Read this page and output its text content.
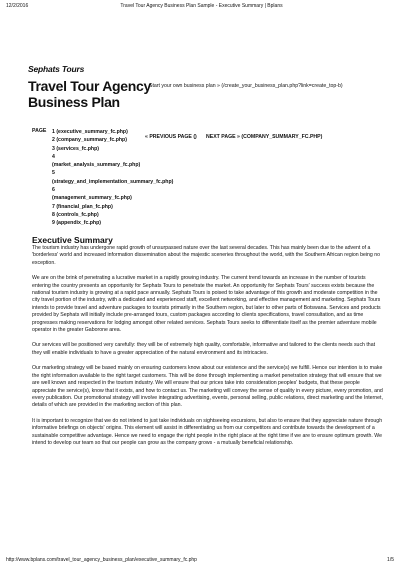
12/2/2016	Travel Tour Agency Business Plan Sample - Executive Summary | Bplans
Sephats Tours
Travel Tour Agency Business Plan
Start your own business plan » (/create_your_business_plan.php?link=create_top-b)
PAGE 1 (executive_summary_fc.php)
2 (company_summary_fc.php)
3 (services_fc.php)
4
(market_analysis_summary_fc.php)
5
(strategy_and_implementation_summary_fc.php)
6
(management_summary_fc.php)
7 (financial_plan_fc.php)
8 (controls_fc.php)
9 (appendix_fc.php)
« PREVIOUS PAGE () NEXT PAGE » (COMPANY_SUMMARY_FC.PHP)
Executive Summary

The tourism industry has undergone rapid growth of unsurpassed nature over the last several decades. This has mainly been due to the advent of a 'borderless' world and increased information dissemination about the majestic sceneries throughout the world, with the Southern African region being no exception.

We are on the brink of penetrating a lucrative market in a rapidly growing industry. The current trend towards an increase in the number of tourists entering the country presents an opportunity for Sephats Tours to penetrate the market. An opportunity for Sephats Tours' success exists because the national tourism industry is growing at a rapid pace annually. Sephats Tours is poised to take advantage of this growth and moderate competition in the city travel portion of the industry, with a dedicated and experienced staff, excellent networking, and effective management and marketing. Sephats Tours intends to provide travel and adventure packages to tourists primarily in the Southern region, but later to other parts of Botswana. Services and products provided by Sephats will initially include pre-arranged tours, custom packages according to clients specifications, travel consultation, and as time progresses making reservations for lodging amongst other related services. Sephats Tours seeks to differentiate itself as the premier adventure mobile operator in the greater Gaborone area.

Our services will be positioned very carefully: they will be of extremely high quality, comfortable, informative and tailored to the clients needs such that they will enable individuals to have a greater appreciation of the natural environment and its intricacies.

Our marketing strategy will be based mainly on ensuring customers know about our existence and the service(s) we fulfill. Hence our intention is to make the right information available to the right target customers. This will be done through implementing a market penetration strategy that will ensure that we are well known and respected in the tourism industry. We will ensure that our prices take into consideration peoples' budgets, that these people appreciate the service(s), know that it exists, and how to contact us. The marketing will convey the sense of quality in every picture, every promotion, and every publication. Our promotional strategy will involve integrating advertising, events, personal selling, public relations, direct marketing and the Internet, details of which are provided in the marketing section of this plan.

It is important to recognize that we do not intend to just take individuals on sightseeing excursions, but also to ensure that they appreciate nature through informative briefings on objects' origins. This element will assist in differentiating us from our competitors and contribute towards the development of a sustainable competitive advantage. Hence we need to engage the right people in the right place at the right time if we are to ensure optimum growth. We intend to develop our team so that our people can grow as the company grows - a mutually beneficial relationship.

http://www.bplans.com/travel_tour_agency_business_plan/executive_summary_fc.php	1/5
